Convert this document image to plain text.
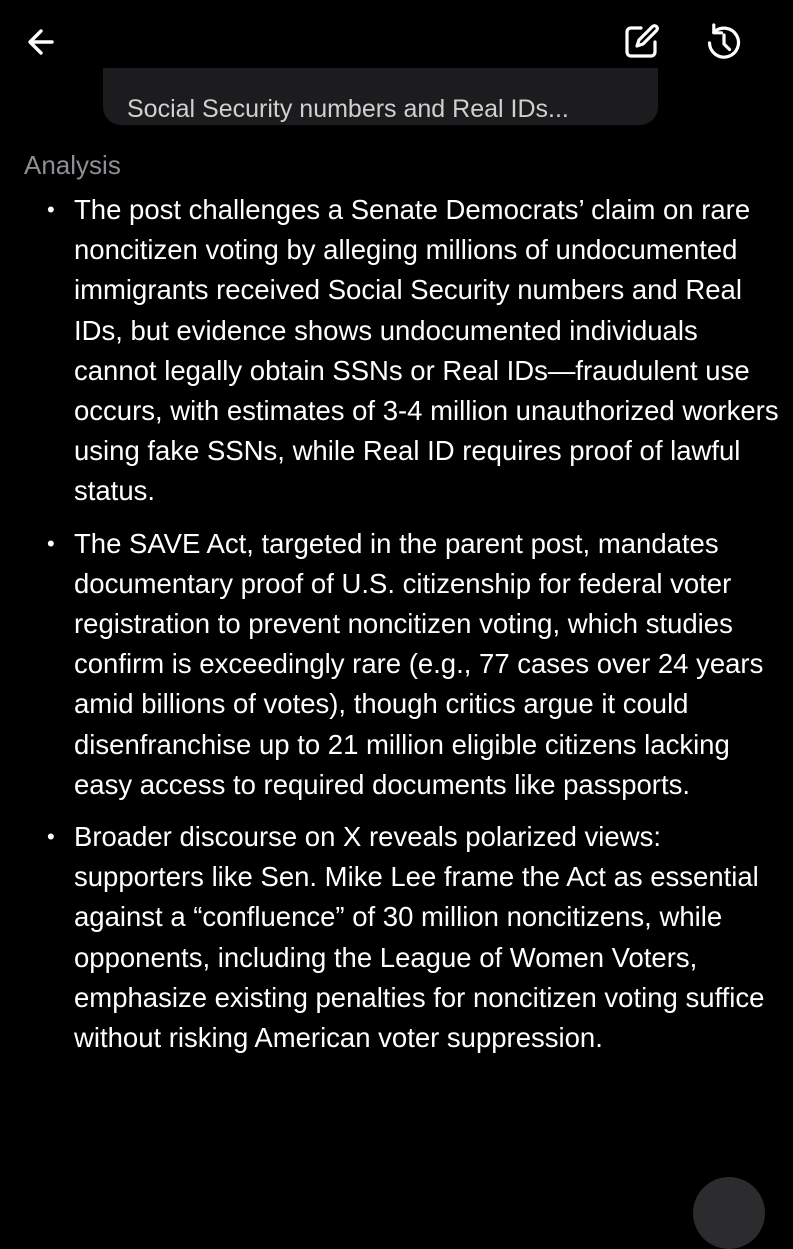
Social Security numbers and Real IDs...
Analysis
• The post challenges a Senate Democrats’ claim on rare noncitizen voting by alleging millions of undocumented immigrants received Social Security numbers and Real IDs, but evidence shows undocumented individuals cannot legally obtain SSNs or Real IDs—fraudulent use occurs, with estimates of 3-4 million unauthorized workers using fake SSNs, while Real ID requires proof of lawful status.
• The SAVE Act, targeted in the parent post, mandates documentary proof of U.S. citizenship for federal voter registration to prevent noncitizen voting, which studies confirm is exceedingly rare (e.g., 77 cases over 24 years amid billions of votes), though critics argue it could disenfranchise up to 21 million eligible citizens lacking easy access to required documents like passports.
• Broader discourse on X reveals polarized views: supporters like Sen. Mike Lee frame the Act as essential against a “confluence” of 30 million noncitizens, while opponents, including the League of Women Voters, emphasize existing penalties for noncitizen voting suffice without risking American voter suppression.
